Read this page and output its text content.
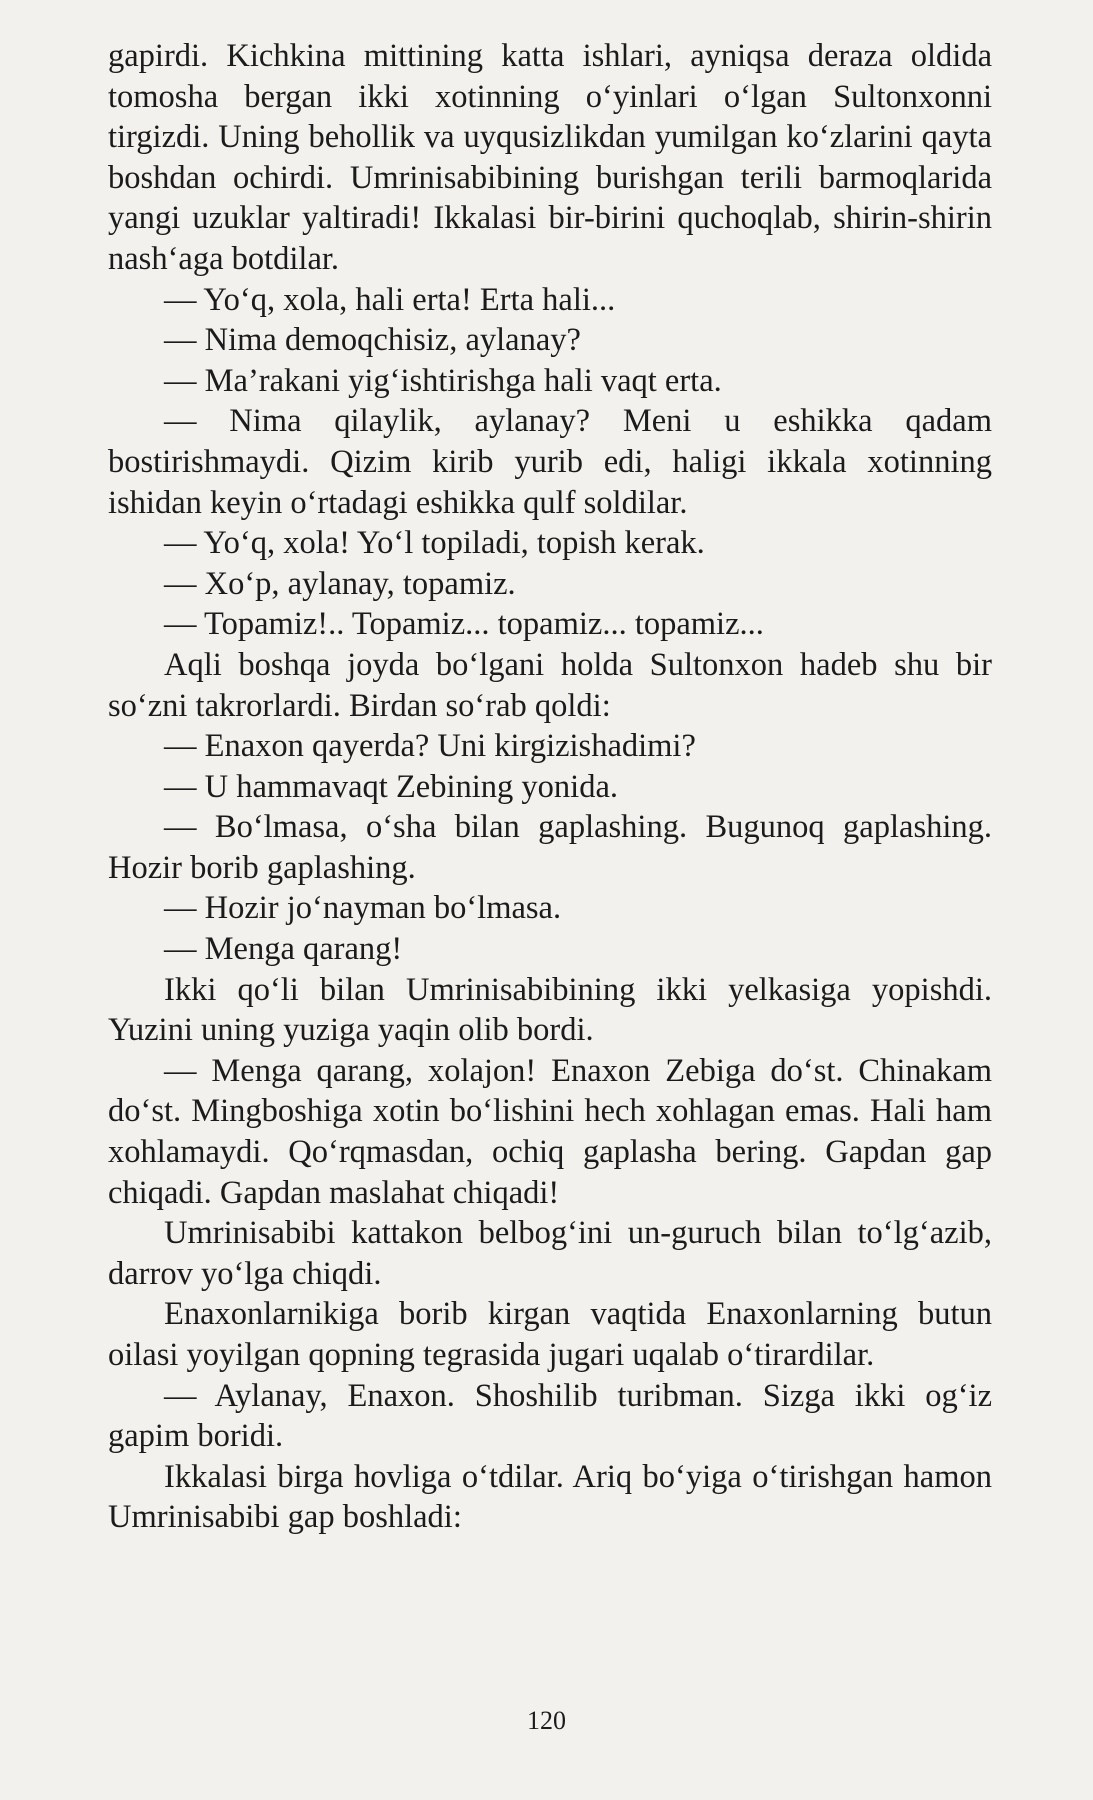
gapirdi. Kichkina mittining katta ishlari, ayniqsa deraza oldida tomosha bergan ikki xotinning o‘yinlari o‘lgan Sultonxonni tirgizdi. Uning behollik va uyqusizlikdan yumilgan ko‘zlarini qayta boshdan ochirdi. Umrinisabibining burishgan terili barmoqlarida yangi uzuklar yaltiradi! Ikkalasi bir-birini quchoqlab, shirin-shirin nash‘aga botdilar.

— Yo‘q, xola, hali erta! Erta hali...

— Nima demoqchisiz, aylanay?

— Ma’rakani yig‘ishtirishga hali vaqt erta.

— Nima qilaylik, aylanay? Meni u eshikka qadam bostirishmaydi. Qizim kirib yurib edi, haligi ikkala xotinning ishidan keyin o‘rtadagi eshikka qulf soldilar.

— Yo‘q, xola! Yo‘l topiladi, topish kerak.

— Xo‘p, aylanay, topamiz.

— Topamiz!.. Topamiz... topamiz... topamiz...

Aqli boshqa joyda bo‘lgani holda Sultonxon hadeb shu bir so‘zni takrorlardi. Birdan so‘rab qoldi:

— Enaxon qayerda? Uni kirgizishadimi?

— U hammavaqt Zebining yonida.

— Bo‘lmasa, o‘sha bilan gaplashing. Bugunoq gaplashing. Hozir borib gaplashing.

— Hozir jo‘nayman bo‘lmasa.

— Menga qarang!

Ikki qo‘li bilan Umrinisabibining ikki yelkasiga yopishdi. Yuzini uning yuziga yaqin olib bordi.

— Menga qarang, xolajon! Enaxon Zebiga do‘st. Chinakam do‘st. Mingboshiga xotin bo‘lishini hech xohlagan emas. Hali ham xohlamaydi. Qo‘rqmasdan, ochiq gaplasha bering. Gapdan gap chiqadi. Gapdan maslahat chiqadi!

Umrinisabibi kattakon belbog‘ini un-guruch bilan to‘lg‘azib, darrov yo‘lga chiqdi.

Enaxonlarnikiga borib kirgan vaqtida Enaxonlarning butun oilasi yoyilgan qopning tegrasida jugari uqalab o‘tirardilar.

— Aylanay, Enaxon. Shoshilib turibman. Sizga ikki og‘iz gapim boridi.

Ikkalasi birga hovliga o‘tdilar. Ariq bo‘yiga o‘tirishgan hamon Umrinisabibi gap boshladi:

120
